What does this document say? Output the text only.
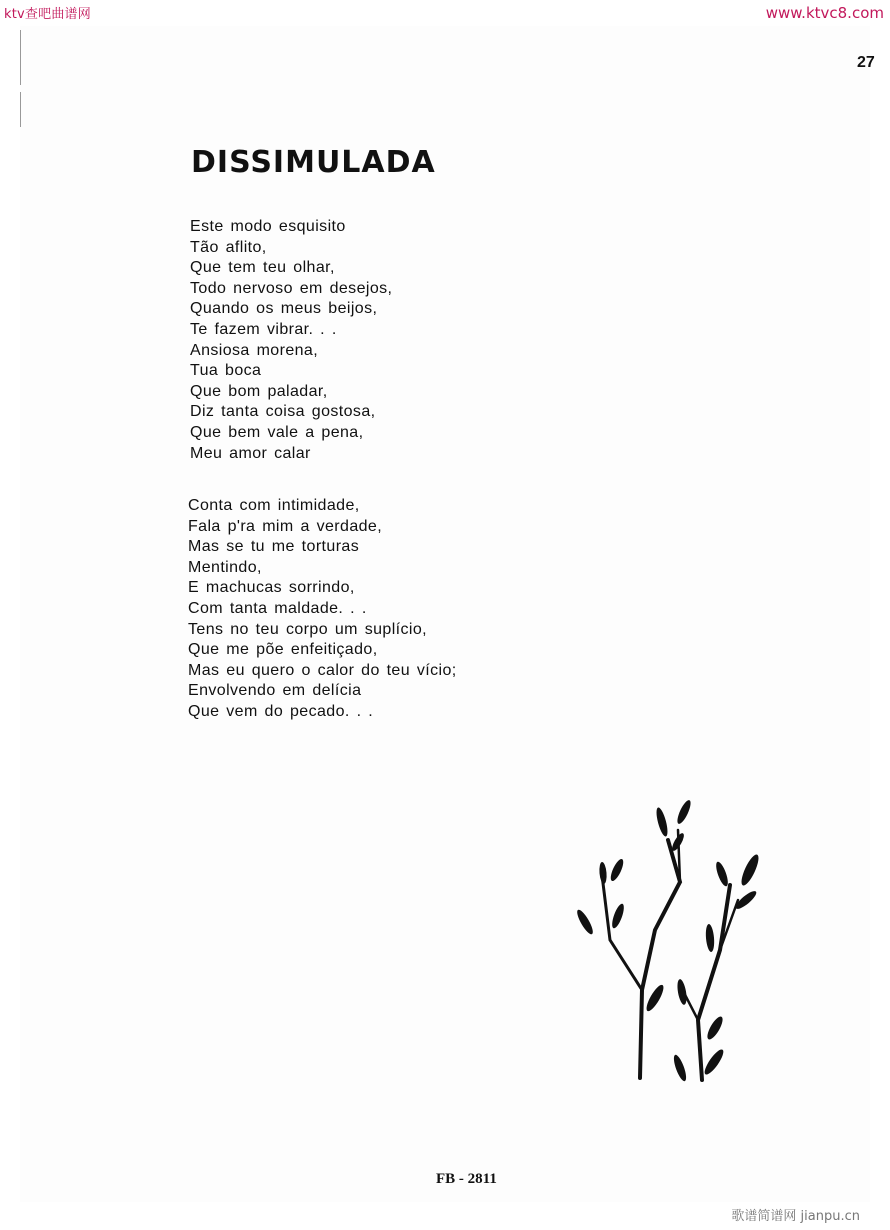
ktv查吧曲谱网	www.ktvc8.com
27
DISSIMULADA
Este modo esquisito
Tão aflito,
Que tem teu olhar,
Todo nervoso em desejos,
Quando os meus beijos,
Te fazem vibrar. . .
Ansiosa morena,
Tua boca
Que bom paladar,
Diz tanta coisa gostosa,
Que bem vale a pena,
Meu amor calar
Conta com intimidade,
Fala p'ra mim a verdade,
Mas se tu me torturas
Mentindo,
E machucas sorrindo,
Com tanta maldade. . .
Tens no teu corpo um suplício,
Que me põe enfeitiçado,
Mas eu quero o calor do teu vício;
Envolvendo em delícia
Que vem do pecado. . .
FB - 2811
歌谱简谱网 jianpu.cn
